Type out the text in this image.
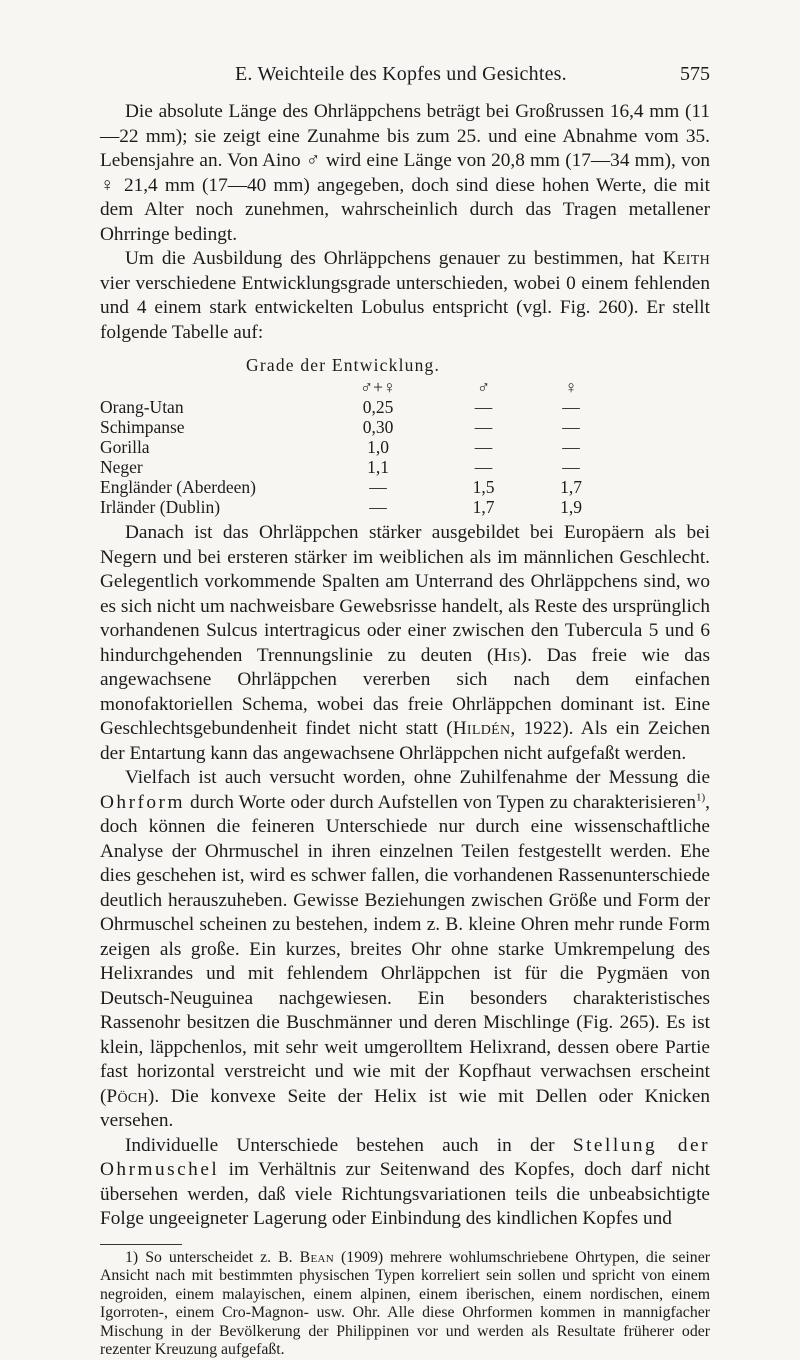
E. Weichteile des Kopfes und Gesichtes.	575

Die absolute Länge des Ohrläppchens beträgt bei Großrussen 16,4 mm (11—22 mm); sie zeigt eine Zunahme bis zum 25. und eine Abnahme vom 35. Lebensjahre an. Von Aino ♂ wird eine Länge von 20,8 mm (17—34 mm), von ♀ 21,4 mm (17—40 mm) angegeben, doch sind diese hohen Werte, die mit dem Alter noch zunehmen, wahrscheinlich durch das Tragen metallener Ohrringe bedingt.

Um die Ausbildung des Ohrläppchens genauer zu bestimmen, hat Keith vier verschiedene Entwicklungsgrade unterschieden, wobei 0 einem fehlenden und 4 einem stark entwickelten Lobulus entspricht (vgl. Fig. 260). Er stellt folgende Tabelle auf:

Grade der Entwicklung.
	♂+♀	♂	♀
Orang-Utan	0,25	—	—
Schimpanse	0,30	—	—
Gorilla	1,0	—	—
Neger	1,1	—	—
Engländer (Aberdeen)	—	1,5	1,7
Irländer (Dublin)	—	1,7	1,9

Danach ist das Ohrläppchen stärker ausgebildet bei Europäern als bei Negern und bei ersteren stärker im weiblichen als im männlichen Geschlecht. Gelegentlich vorkommende Spalten am Unterrand des Ohrläppchens sind, wo es sich nicht um nachweisbare Gewebsrisse handelt, als Reste des ursprünglich vorhandenen Sulcus intertragicus oder einer zwischen den Tubercula 5 und 6 hindurchgehenden Trennungslinie zu deuten (His). Das freie wie das angewachsene Ohrläppchen vererben sich nach dem einfachen monofaktoriellen Schema, wobei das freie Ohrläppchen dominant ist. Eine Geschlechtsgebundenheit findet nicht statt (Hildén, 1922). Als ein Zeichen der Entartung kann das angewachsene Ohrläppchen nicht aufgefaßt werden.

Vielfach ist auch versucht worden, ohne Zuhilfenahme der Messung die Ohrform durch Worte oder durch Aufstellen von Typen zu charakterisieren$^{1)}$, doch können die feineren Unterschiede nur durch eine wissenschaftliche Analyse der Ohrmuschel in ihren einzelnen Teilen festgestellt werden. Ehe dies geschehen ist, wird es schwer fallen, die vorhandenen Rassenunterschiede deutlich herauszuheben. Gewisse Beziehungen zwischen Größe und Form der Ohrmuschel scheinen zu bestehen, indem z. B. kleine Ohren mehr runde Form zeigen als große. Ein kurzes, breites Ohr ohne starke Umkrempelung des Helixrandes und mit fehlendem Ohrläppchen ist für die Pygmäen von Deutsch-Neuguinea nachgewiesen. Ein besonders charakteristisches Rassenohr besitzen die Buschmänner und deren Mischlinge (Fig. 265). Es ist klein, läppchenlos, mit sehr weit umgerolltem Helixrand, dessen obere Partie fast horizontal verstreicht und wie mit der Kopfhaut verwachsen erscheint (Pöch). Die konvexe Seite der Helix ist wie mit Dellen oder Knicken versehen.

Individuelle Unterschiede bestehen auch in der Stellung der Ohrmuschel im Verhältnis zur Seitenwand des Kopfes, doch darf nicht übersehen werden, daß viele Richtungsvariationen teils die unbeabsichtigte Folge ungeeigneter Lagerung oder Einbindung des kindlichen Kopfes und

1) So unterscheidet z. B. Bean (1909) mehrere wohlumschriebene Ohrtypen, die seiner Ansicht nach mit bestimmten physischen Typen korreliert sein sollen und spricht von einem negroiden, einem malayischen, einem alpinen, einem iberischen, einem nordischen, einem Igorroten-, einem Cro-Magnon- usw. Ohr. Alle diese Ohrformen kommen in mannigfacher Mischung in der Bevölkerung der Philippinen vor und werden als Resultate früherer oder rezenter Kreuzung aufgefaßt.
